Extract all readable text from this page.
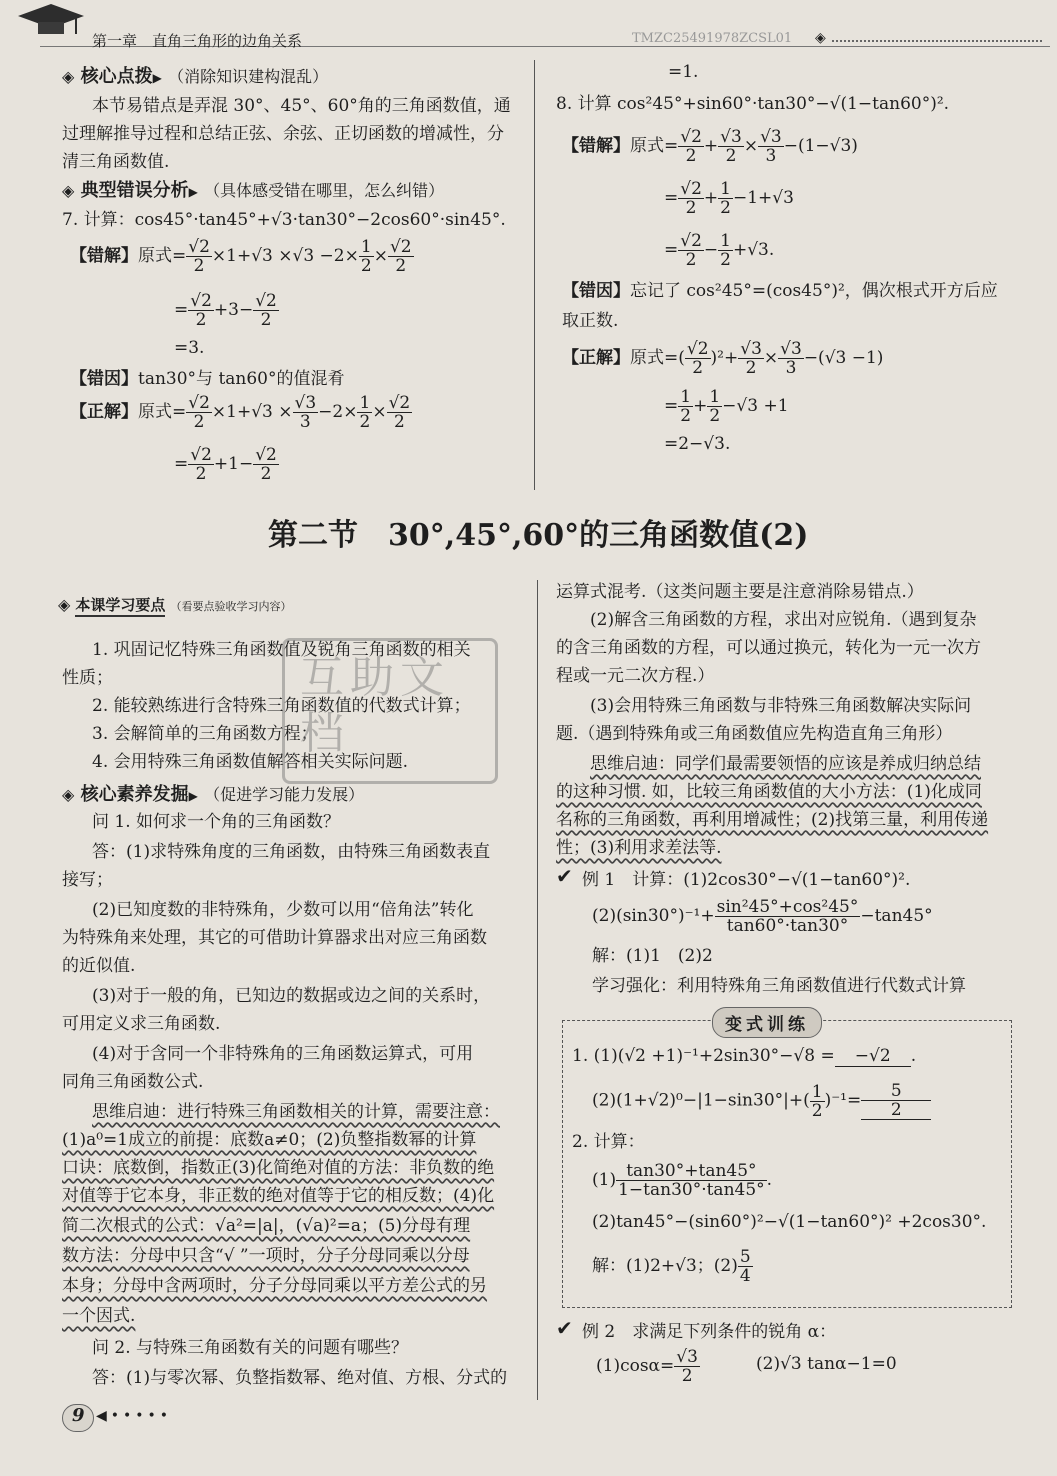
第一章　直角三角形的边角关系	TMZC25491978ZCSL01 ◈
◈ 核心点拨▶ （消除知识建构混乱）
本节易错点是弄混 30°、45°、60°角的三角函数值，通
过理解推导过程和总结正弦、余弦、正切函数的增减性，分
清三角函数值.
◈ 典型错误分析▶ （具体感受错在哪里，怎么纠错）
7. 计算：cos45°·tan45°+√3·tan30°−2cos60°·sin45°.
【错解】原式= $\frac{√2}{2} \times 1+√3 \times√3 -2\times \frac{1}{2} \times \frac{√2}{2}$
= $\frac{√2}{2} +3- \frac{√2}{2}$
=3.
【错因】tan30°与 tan60°的值混肴
【正解】原式= $\frac{√2}{2} \times 1+√3 \times \frac{√3}{3} -2\times \frac{1}{2} \times \frac{√2}{2}$
= $\frac{√2}{2} +1- \frac{√2}{2}$
=1.
8. 计算 cos²45°+sin60°·tan30°−√(1−tan60°)².
【错解】原式= $\frac{√2}{2} + \frac{√3}{2} \times \frac{√3}{3} -(1-√3)$
= $\frac{√2}{2} + \frac{1}{2} -1+√3$
= $\frac{√2}{2} - \frac{1}{2} +√3$.
【错因】忘记了 cos²45°=(cos45°)²，偶次根式开方后应
取正数.
【正解】原式=( $\frac{√2}{2} )^2+ \frac{√3}{2} \times \frac{√3}{3} -(√3 -1)$
= $\frac{1}{2} + \frac{1}{2} -√3 +1$
=2−√3.
第二节　30°,45°,60°的三角函数值(2)
◈ 本课学习要点 （看要点验收学习内容）
1. 巩固记忆特殊三角函数值及锐角三角函数的相关
性质；
2. 能较熟练进行含特殊三角函数值的代数式计算；
3. 会解简单的三角函数方程；
4. 会用特殊三角函数值解答相关实际问题.
◈ 核心素养发掘▶ （促进学习能力发展）
问 1. 如何求一个角的三角函数？
答：(1)求特殊角度的三角函数，由特殊三角函数表直
接写；
(2)已知度数的非特殊角，少数可以用“倍角法”转化
为特殊角来处理，其它的可借助计算器求出对应三角函数
的近似值.
(3)对于一般的角，已知边的数据或边之间的关系时，
可用定义求三角函数.
(4)对于含同一个非特殊角的三角函数运算式，可用
同角三角函数公式.
思维启迪：进行特殊三角函数相关的计算，需要注意：
(1)a⁰=1成立的前提：底数a≠0；(2)负整指数幂的计算
口诀：底数倒，指数正(3)化简绝对值的方法：非负数的绝
对值等于它本身，非正数的绝对值等于它的相反数；(4)化
简二次根式的公式：√a²=|a|，(√a)²=a；(5)分母有理
数方法：分母中只含“√ ”一项时，分子分母同乘以分母
本身；分母中含两项时，分子分母同乘以平方差公式的另
一个因式.
问 2. 与特殊三角函数有关的问题有哪些？
答：(1)与零次幂、负整指数幂、绝对值、方根、分式的
9 ◀•••••
互助文档
运算式混考.（这类问题主要是注意消除易错点.）
(2)解含三角函数的方程，求出对应锐角.（遇到复杂
的含三角函数的方程，可以通过换元，转化为一元一次方
程或一元二次方程.）
(3)会用特殊三角函数与非特殊三角函数解决实际问
题.（遇到特殊角或三角函数值应先构造直角三角形）
思维启迪：同学们最需要领悟的应该是养成归纳总结
的这种习惯. 如，比较三角函数值的大小方法：(1)化成同
名称的三角函数，再利用增减性；(2)找第三量，利用传递
性；(3)利用求差法等.
✔ 例 1　计算：(1)2cos30°−√(1−tan60°)².
$(2)(\sin 30^\circ)^{-1}+ \frac{\text{sin²45°+cos²45°}}{\tan 60^\circ\cdot\tan 30^\circ} -\tan 45^\circ$
解：(1)1　(2)2
学习强化：利用特殊角三角函数值进行代数式计算
变式训练
1. (1)(√2 +1)⁻¹+2sin30°−√8 = −√2 .
$(2)(1+√2)^0-|1-\sin 30^\circ|+( \frac{1}{2} )^{-1}= \frac{5}{2}$
2. 计算：
$(1) \frac{\tan 30^\circ+\tan 45^\circ}{1-\tan 30^\circ\cdot\tan 45^\circ}$ .
(2)tan45°−(sin60°)²−√(1−tan60°)² +2cos30°.
解：(1)2+√3；$(2) \frac{5}{4}$
✔ 例 2　求满足下列条件的锐角 α：
$(1)\cos\alpha= \frac{√3}{2}$	(2)√3 tanα−1=0
